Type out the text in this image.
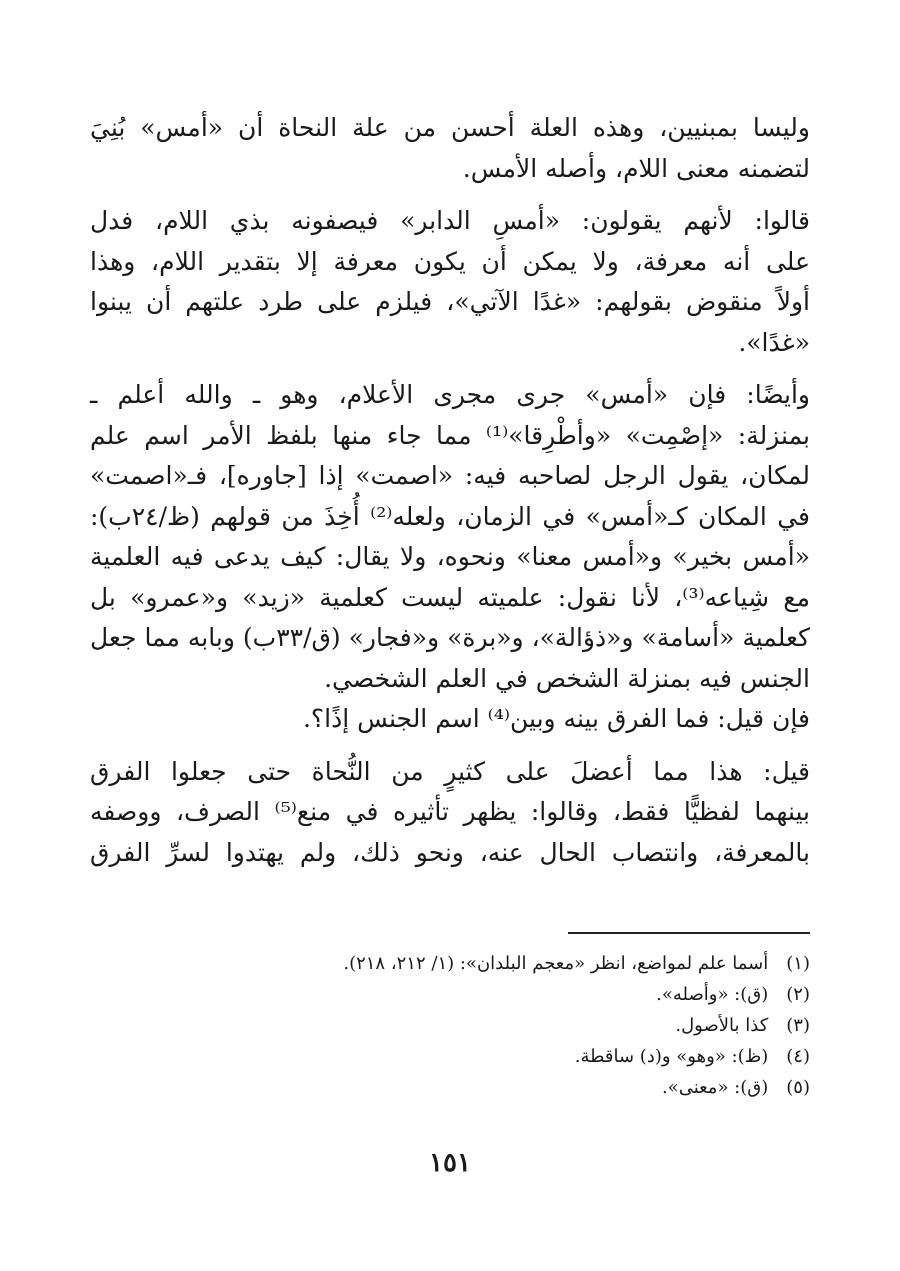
وليسا بمبنيين، وهذه العلة أحسن من علة النحاة أن «أمس» بُنِيَ
لتضمنه معنى اللام، وأصله الأمس.
قالوا: لأنهم يقولون: «أمسِ الدابر» فيصفونه بذي اللام، فدل
على أنه معرفة، ولا يمكن أن يكون معرفة إلا بتقدير اللام، وهذا
أولاً منقوض بقولهم: «غدًا الآتي»، فيلزم على طرد علتهم أن يبنوا
«غدًا».
وأيضًا: فإن «أمس» جرى مجرى الأعلام، وهو ـ والله أعلم ـ
بمنزلة: «إصْمِت» «وأطْرِقا»⁽¹⁾ مما جاء منها بلفظ الأمر اسم علم
لمكان، يقول الرجل لصاحبه فيه: «اصمت» إذا [جاوره]، فـ«اصمت»
في المكان كـ«أمس» في الزمان، ولعله⁽²⁾ أُخِذَ من قولهم (ظ/٢٤ب):
«أمس بخير» و«أمس معنا» ونحوه، ولا يقال: كيف يدعى فيه العلمية
مع شِياعه⁽³⁾، لأنا نقول: علميته ليست كعلمية «زيد» و«عمرو» بل
كعلمية «أسامة» و«ذؤالة»، و«برة» و«فجار» (ق/٣٣ب) وبابه مما جعل
الجنس فيه بمنزلة الشخص في العلم الشخصي.
فإن قيل: فما الفرق بينه وبين⁽⁴⁾ اسم الجنس إذًا؟.
قيل: هذا مما أعضلَ على كثيرٍ من النُّحاة حتى جعلوا الفرق
بينهما لفظيًّا فقط، وقالوا: يظهر تأثيره في منع⁽⁵⁾ الصرف، ووصفه
بالمعرفة، وانتصاب الحال عنه، ونحو ذلك، ولم يهتدوا لسرِّ الفرق
(١) أسما علم لمواضع، انظر «معجم البلدان»: (١/ ٢١٢، ٢١٨).
(٢) (ق): «وأصله».
(٣) كذا بالأصول.
(٤) (ظ): «وهو» و(د) ساقطة.
(٥) (ق): «معنى».
١٥١
